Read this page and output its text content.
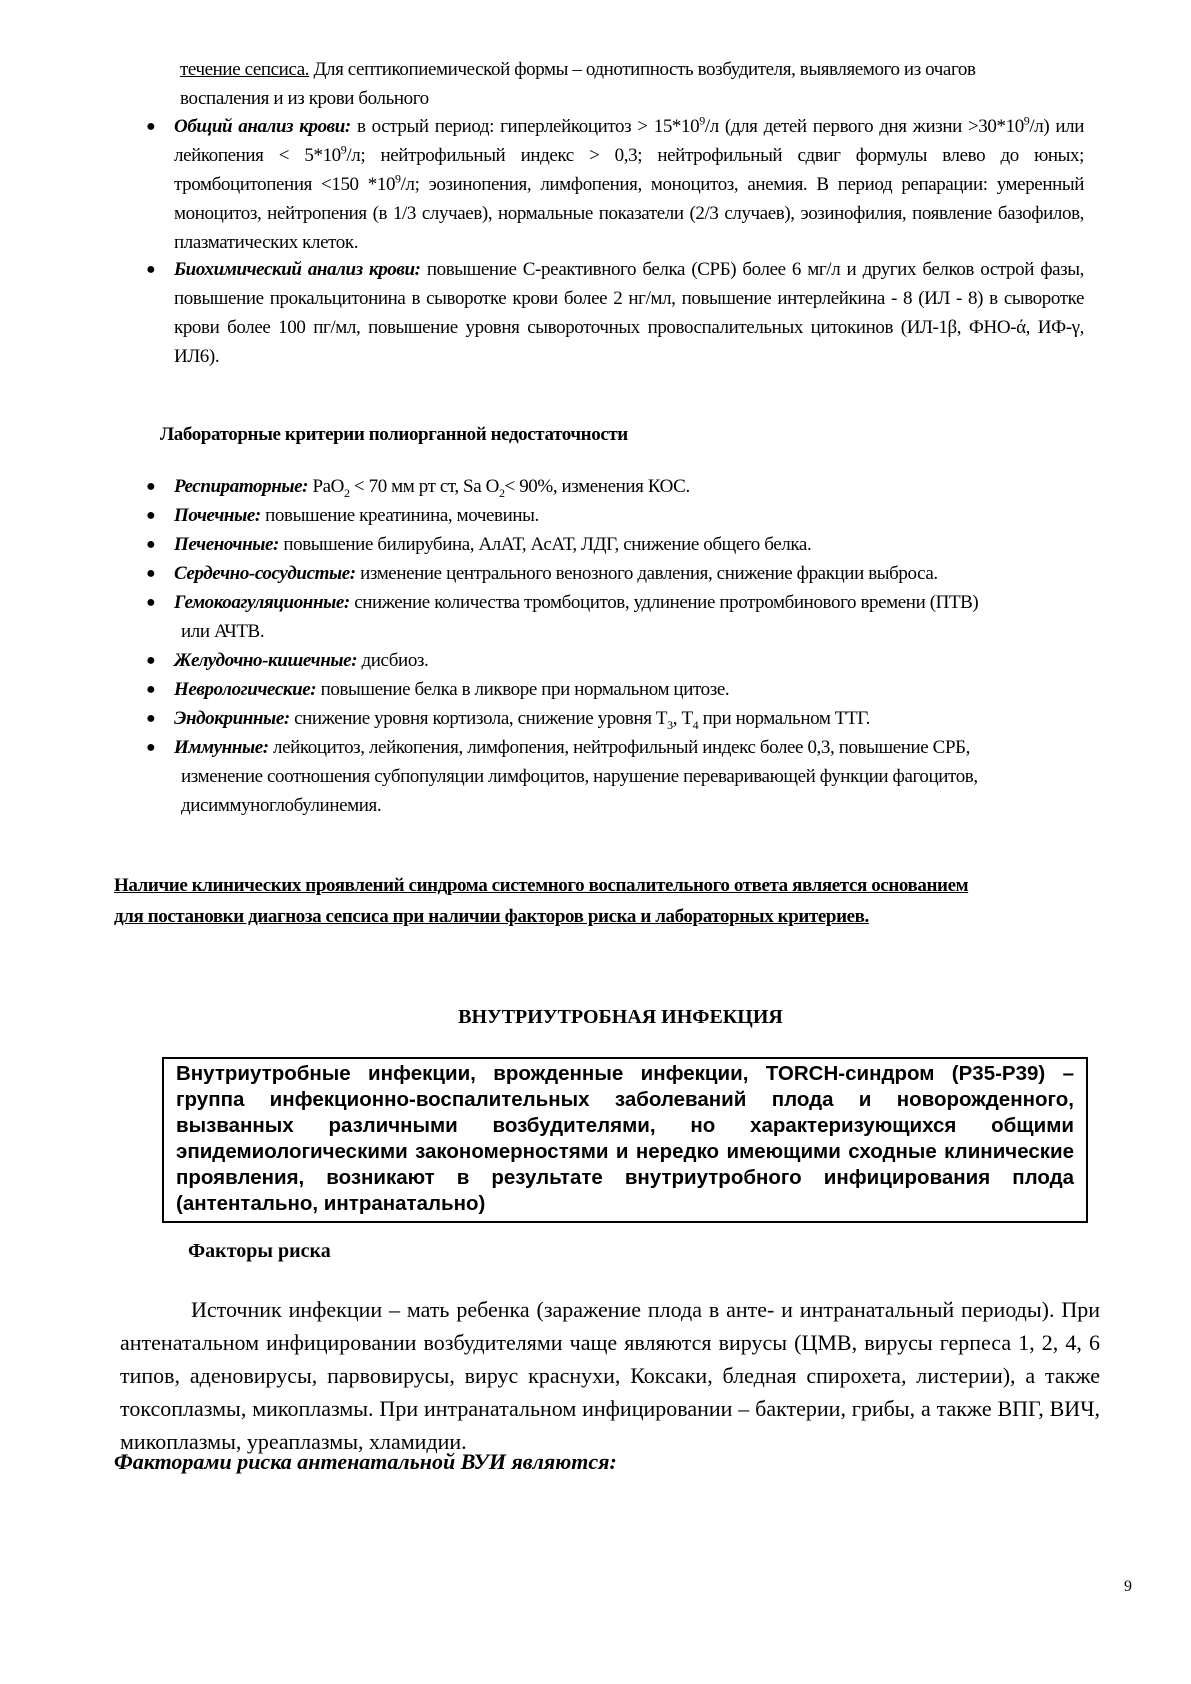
течение сепсиса. Для септикопиемической формы – однотипность возбудителя, выявляемого из очагов
воспаления и из крови больного
● Общий анализ крови: в острый период: гиперлейкоцитоз > $15*10^9/л$ (для детей первого дня жизни $>30*10^9/л$) или лейкопения < $5*10^9/л$; нейтрофильный индекс > 0,3; нейтрофильный сдвиг формулы влево до юных; тромбоцитопения <150 $*10^9/л$; эозинопения, лимфопения, моноцитоз, анемия. В период репарации: умеренный моноцитоз, нейтропения (в 1/3 случаев), нормальные показатели (2/3 случаев), эозинофилия, появление базофилов, плазматических клеток.
● Биохимический анализ крови: повышение С-реактивного белка (СРБ) более 6 мг/л и других белков острой фазы, повышение прокальцитонина в сыворотке крови более 2 нг/мл, повышение интерлейкина - 8 (ИЛ - 8) в сыворотке крови более 100 пг/мл, повышение уровня сывороточных провоспалительных цитокинов (ИЛ-1β, ФНО-ά, ИФ-γ, ИЛ6).
Лабораторные критерии полиорганной недостаточности
● Респираторные: PaO$_2$ < 70 мм рт ст, Sa $O_2< 90\%$, изменения КОС.
● Почечные: повышение креатинина, мочевины.
● Печеночные: повышение билирубина, АлАТ, АсАТ, ЛДГ, снижение общего белка.
● Сердечно-сосудистые: изменение центрального венозного давления, снижение фракции выброса.
● Гемокоагуляционные: снижение количества тромбоцитов, удлинение протромбинового времени (ПТВ)
или АЧТВ.
● Желудочно-кишечные: дисбиоз.
● Неврологические: повышение белка в ликворе при нормальном цитозе.
● Эндокринные: снижение уровня кортизола, снижение уровня $Т_3$, $Т_4$ при нормальном ТТГ.
● Иммунные: лейкоцитоз, лейкопения, лимфопения, нейтрофильный индекс более 0,3, повышение СРБ,
изменение соотношения субпопуляции лимфоцитов, нарушение переваривающей функции фагоцитов,
дисиммуноглобулинемия.
Наличие клинических проявлений синдрома системного воспалительного ответа является основанием
для постановки диагноза сепсиса при наличии факторов риска и лабораторных критериев.
ВНУТРИУТРОБНАЯ ИНФЕКЦИЯ

Внутриутробные инфекции, врожденные инфекции, TORCH-синдром (Р35-Р39) – группа инфекционно-воспалительных заболеваний плода и новорожденного, вызванных различными возбудителями, но характеризующихся общими эпидемиологическими закономерностями и нередко имеющими сходные клинические проявления, возникают в результате внутриутробного инфицирования плода (антентально, интранатально)

Факторы риска
Источник инфекции – мать ребенка (заражение плода в анте- и интранатальный периоды). При антенатальном инфицировании возбудителями чаще являются вирусы (ЦМВ, вирусы герпеса 1, 2, 4, 6 типов, аденовирусы, парвовирусы, вирус краснухи, Коксаки, бледная спирохета, листерии), а также токсоплазмы, микоплазмы. При интранатальном инфицировании – бактерии, грибы, а также ВПГ, ВИЧ, микоплазмы, уреаплазмы, хламидии.
Факторами риска антенатальной ВУИ являются:
9
